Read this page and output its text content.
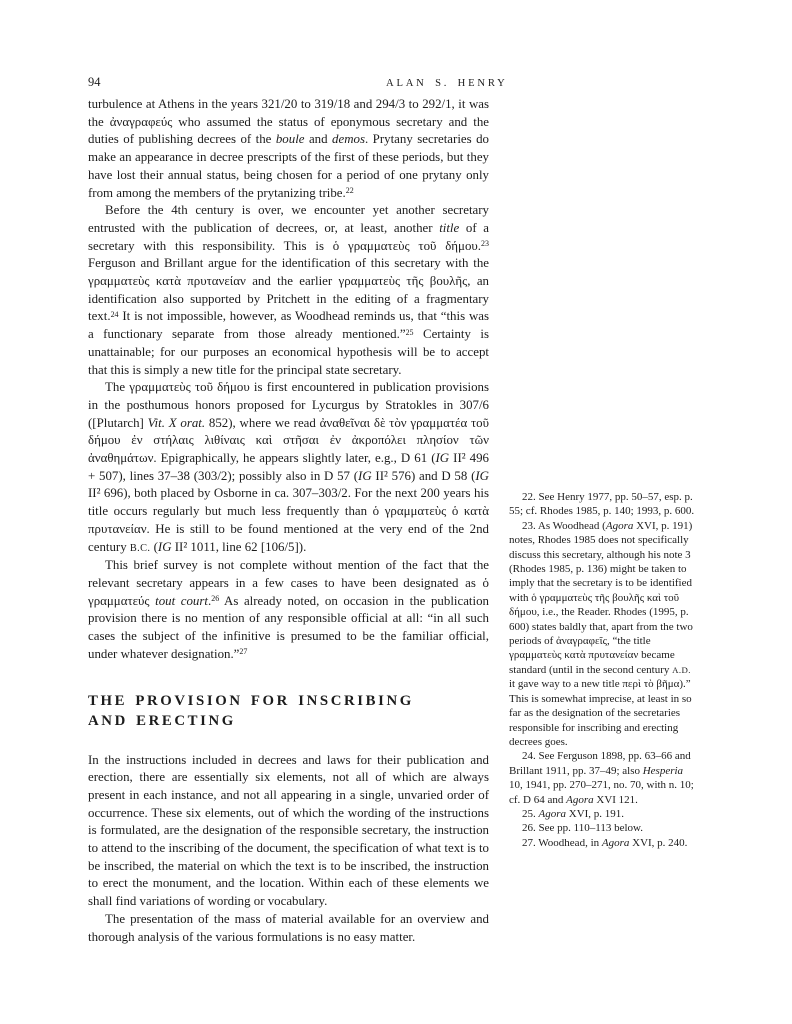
94	ALAN S. HENRY

turbulence at Athens in the years 321/20 to 319/18 and 294/3 to 292/1, it was the ἀναγραφεύς who assumed the status of eponymous secretary and the duties of publishing decrees of the boule and demos. Prytany secretaries do make an appearance in decree prescripts of the first of these periods, but they have lost their annual status, being chosen for a period of one prytany only from among the members of the prytanizing tribe.$^{22}$

Before the 4th century is over, we encounter yet another secretary entrusted with the publication of decrees, or, at least, another title of a secretary with this responsibility. This is ὁ γραμματεὺς τοῦ δήμου.$^{23}$ Ferguson and Brillant argue for the identification of this secretary with the γραμματεὺς κατὰ πρυτανείαν and the earlier γραμματεὺς τῆς βουλῆς, an identification also supported by Pritchett in the editing of a fragmentary text.$^{24}$ It is not impossible, however, as Woodhead reminds us, that “this was a functionary separate from those already mentioned.”$^{25}$ Certainty is unattainable; for our purposes an economical hypothesis will be to accept that this is simply a new title for the principal state secretary.

The γραμματεὺς τοῦ δήμου is first encountered in publication provisions in the posthumous honors proposed for Lycurgus by Stratokles in 307/6 ([Plutarch] Vit. X orat. 852), where we read ἀναθεῖναι δὲ τὸν γραμματέα τοῦ δήμου ἐν στήλαις λιθίναις καὶ στῆσαι ἐν ἀκροπόλει πλησίον τῶν ἀναθημάτων. Epigraphically, he appears slightly later, e.g., D 61 (IG II² 496 + 507), lines 37–38 (303/2); possibly also in D 57 (IG II² 576) and D 58 (IG II² 696), both placed by Osborne in ca. 307–303/2. For the next 200 years his title occurs regularly but much less frequently than ὁ γραμματεὺς ὁ κατὰ πρυτανείαν. He is still to be found mentioned at the very end of the 2nd century B.C. (IG II² 1011, line 62 [106/5]).

This brief survey is not complete without mention of the fact that the relevant secretary appears in a few cases to have been designated as ὁ γραμματεύς tout court.$^{26}$ As already noted, on occasion in the publication provision there is no mention of any responsible official at all: “in all such cases the subject of the infinitive is presumed to be the familiar official, under whatever designation.”$^{27}$

THE PROVISION FOR INSCRIBING
AND ERECTING

In the instructions included in decrees and laws for their publication and erection, there are essentially six elements, not all of which are always present in each instance, and not all appearing in a single, unvaried order of occurrence. These six elements, out of which the wording of the instructions is formulated, are the designation of the responsible secretary, the instruction to attend to the inscribing of the document, the specification of what text is to be inscribed, the material on which the text is to be inscribed, the instruction to erect the monument, and the location. Within each of these elements we shall find variations of wording or vocabulary.

The presentation of the mass of material available for an overview and thorough analysis of the various formulations is no easy matter.

22. See Henry 1977, pp. 50–57, esp. p. 55; cf. Rhodes 1985, p. 140; 1993, p. 600.

23. As Woodhead (Agora XVI, p. 191) notes, Rhodes 1985 does not specifically discuss this secretary, although his note 3 (Rhodes 1985, p. 136) might be taken to imply that the secretary is to be identified with ὁ γραμματεὺς τῆς βουλῆς καὶ τοῦ δήμου, i.e., the Reader. Rhodes (1995, p. 600) states baldly that, apart from the two periods of ἀναγραφεῖς, “the title γραμματεὺς κατὰ πρυτανείαν became standard (until in the second century A.D. it gave way to a new title περὶ τὸ βῆμα).” This is somewhat imprecise, at least in so far as the designation of the secretaries responsible for inscribing and erecting decrees goes.

24. See Ferguson 1898, pp. 63–66 and Brillant 1911, pp. 37–49; also Hesperia 10, 1941, pp. 270–271, no. 70, with n. 10; cf. D 64 and Agora XVI 121.

25. Agora XVI, p. 191.

26. See pp. 110–113 below.

27. Woodhead, in Agora XVI, p. 240.
